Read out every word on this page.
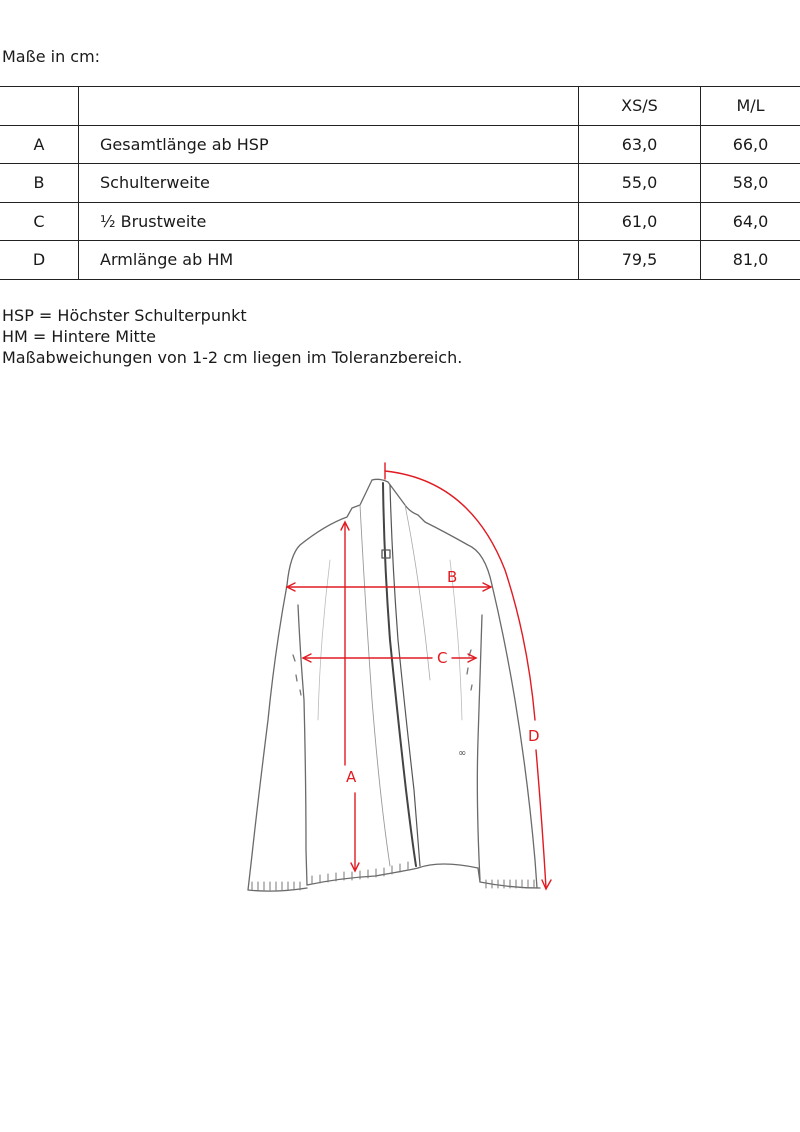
Maße in cm:
		XS/S	M/L
A	Gesamtlänge ab HSP	63,0	66,0
B	Schulterweite	55,0	58,0
C	½ Brustweite	61,0	64,0
D	Armlänge ab HM	79,5	81,0
HSP = Höchster Schulterpunkt
HM = Hintere Mitte
Maßabweichungen von 1-2 cm liegen im Toleranzbereich.
∞
A
B
C
D
